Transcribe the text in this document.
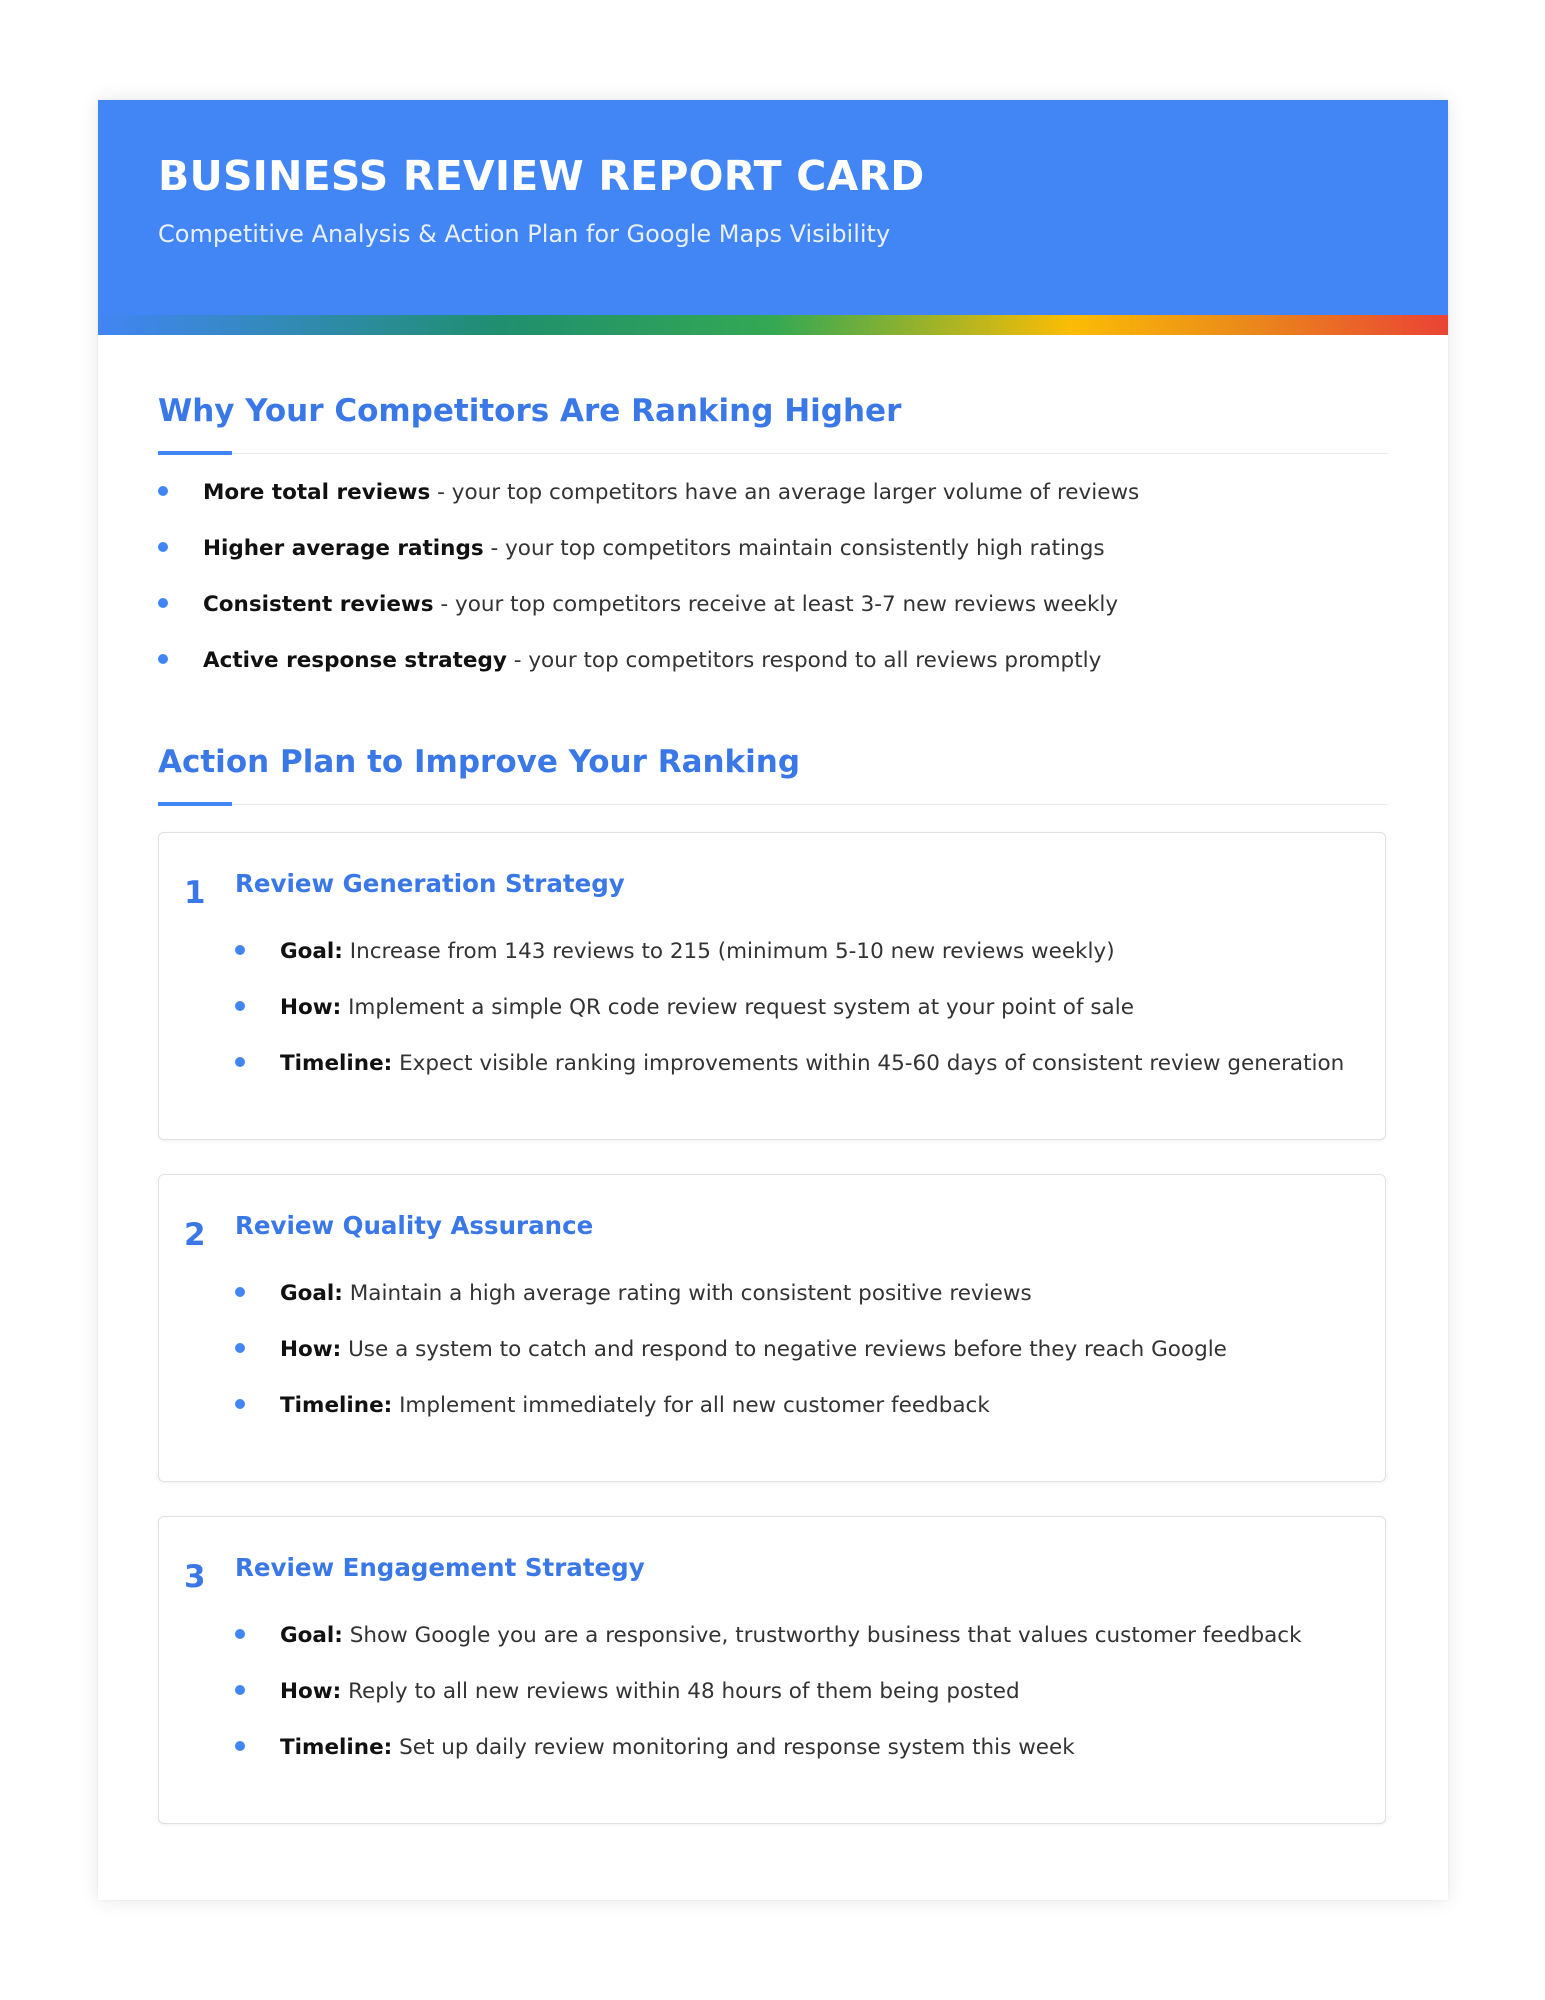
BUSINESS REVIEW REPORT CARD
Competitive Analysis & Action Plan for Google Maps Visibility
Why Your Competitors Are Ranking Higher
More total reviews - your top competitors have an average larger volume of reviews
Higher average ratings - your top competitors maintain consistently high ratings
Consistent reviews - your top competitors receive at least 3-7 new reviews weekly
Active response strategy - your top competitors respond to all reviews promptly
Action Plan to Improve Your Ranking
1 Review Generation Strategy
Goal: Increase from 143 reviews to 215 (minimum 5-10 new reviews weekly)
How: Implement a simple QR code review request system at your point of sale
Timeline: Expect visible ranking improvements within 45-60 days of consistent review generation
2 Review Quality Assurance
Goal: Maintain a high average rating with consistent positive reviews
How: Use a system to catch and respond to negative reviews before they reach Google
Timeline: Implement immediately for all new customer feedback
3 Review Engagement Strategy
Goal: Show Google you are a responsive, trustworthy business that values customer feedback
How: Reply to all new reviews within 48 hours of them being posted
Timeline: Set up daily review monitoring and response system this week
